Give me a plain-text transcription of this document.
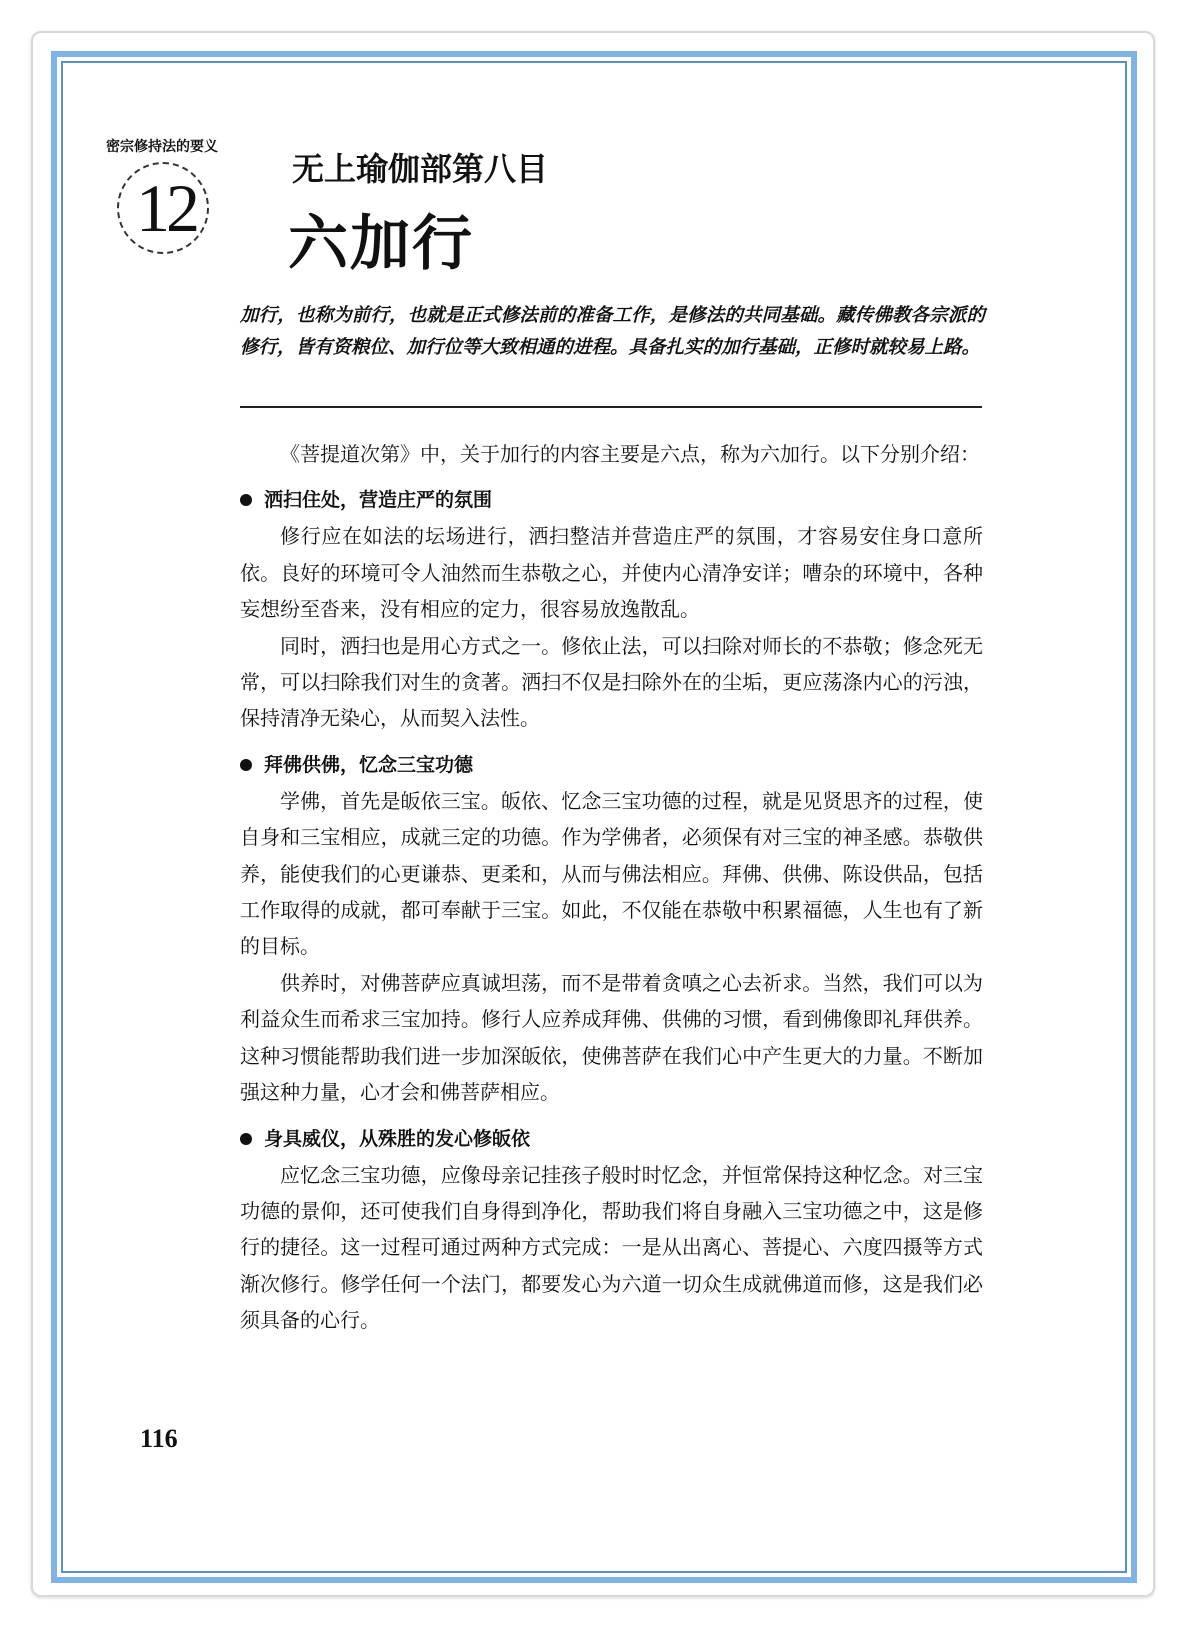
密宗修持法的要义
12
无上瑜伽部第八目
六加行
加行，也称为前行，也就是正式修法前的准备工作，是修法的共同基础。藏传佛教各宗派的修行，皆有资粮位、加行位等大致相通的进程。具备扎实的加行基础，正修时就较易上路。

《菩提道次第》中，关于加行的内容主要是六点，称为六加行。以下分别介绍：

洒扫住处，营造庄严的氛围

修行应在如法的坛场进行，洒扫整洁并营造庄严的氛围，才容易安住身口意所依。良好的环境可令人油然而生恭敬之心，并使内心清净安详；嘈杂的环境中，各种妄想纷至沓来，没有相应的定力，很容易放逸散乱。

同时，洒扫也是用心方式之一。修依止法，可以扫除对师长的不恭敬；修念死无常，可以扫除我们对生的贪著。洒扫不仅是扫除外在的尘垢，更应荡涤内心的污浊，保持清净无染心，从而契入法性。

拜佛供佛，忆念三宝功德

学佛，首先是皈依三宝。皈依、忆念三宝功德的过程，就是见贤思齐的过程，使自身和三宝相应，成就三定的功德。作为学佛者，必须保有对三宝的神圣感。恭敬供养，能使我们的心更谦恭、更柔和，从而与佛法相应。拜佛、供佛、陈设供品，包括工作取得的成就，都可奉献于三宝。如此，不仅能在恭敬中积累福德，人生也有了新的目标。

供养时，对佛菩萨应真诚坦荡，而不是带着贪嗔之心去祈求。当然，我们可以为利益众生而希求三宝加持。修行人应养成拜佛、供佛的习惯，看到佛像即礼拜供养。这种习惯能帮助我们进一步加深皈依，使佛菩萨在我们心中产生更大的力量。不断加强这种力量，心才会和佛菩萨相应。

身具威仪，从殊胜的发心修皈依

应忆念三宝功德，应像母亲记挂孩子般时时忆念，并恒常保持这种忆念。对三宝功德的景仰，还可使我们自身得到净化，帮助我们将自身融入三宝功德之中，这是修行的捷径。这一过程可通过两种方式完成：一是从出离心、菩提心、六度四摄等方式渐次修行。修学任何一个法门，都要发心为六道一切众生成就佛道而修，这是我们必须具备的心行。

116
